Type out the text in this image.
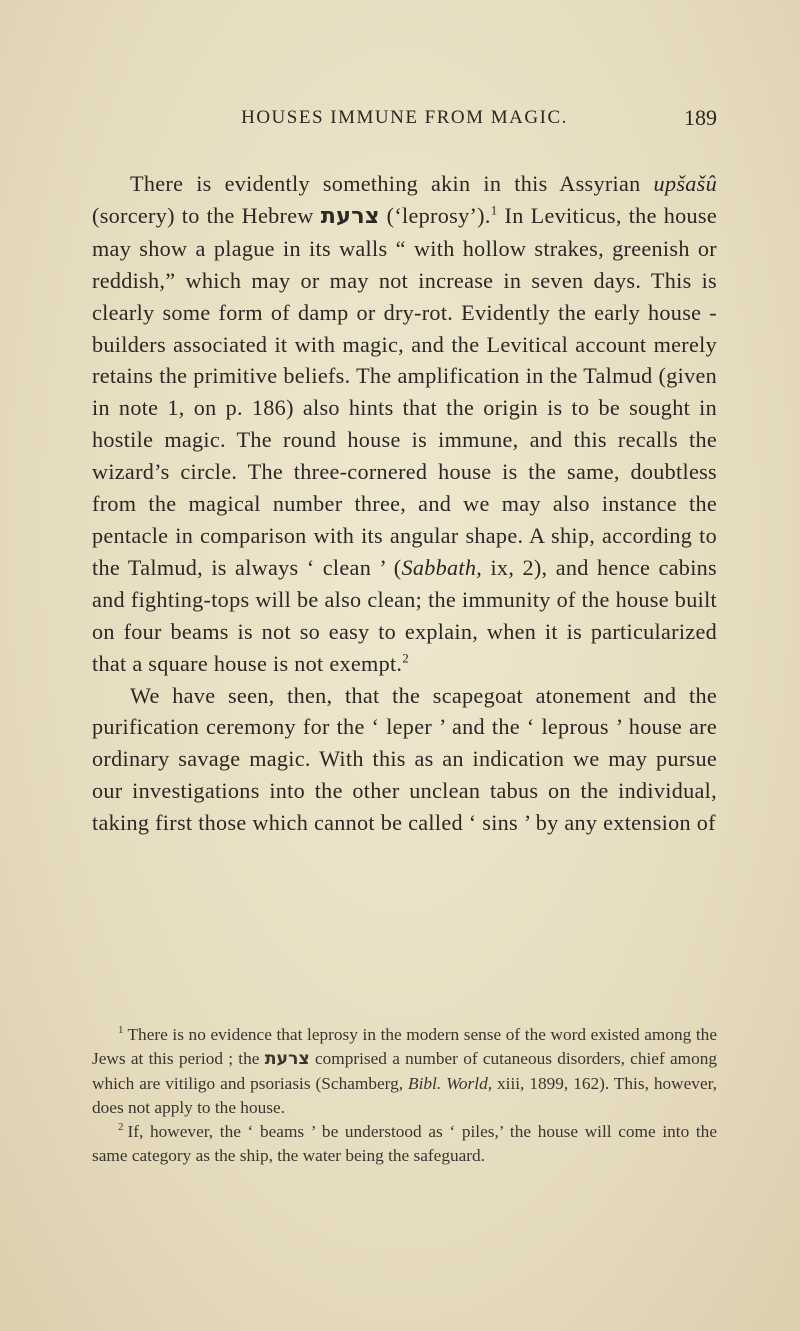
HOUSES IMMUNE FROM MAGIC.	189

There is evidently something akin in this Assyrian upšašû (sorcery) to the Hebrew צרעת (‘leprosy’).$^1$ In Leviticus, the house may show a plague in its walls “ with hollow strakes, greenish or reddish,” which may or may not increase in seven days. This is clearly some form of damp or dry-rot. Evidently the early house - builders associated it with magic, and the Levitical account merely retains the primitive beliefs. The amplification in the Talmud (given in note 1, on p. 186) also hints that the origin is to be sought in hostile magic. The round house is immune, and this recalls the wizard’s circle. The three-cornered house is the same, doubtless from the magical number three, and we may also instance the pentacle in comparison with its angular shape. A ship, according to the Talmud, is always ‘ clean ’ (Sabbath, ix, 2), and hence cabins and fighting-tops will be also clean; the immunity of the house built on four beams is not so easy to explain, when it is particularized that a square house is not exempt.$^2$

We have seen, then, that the scapegoat atonement and the purification ceremony for the ‘ leper ’ and the ‘ leprous ’ house are ordinary savage magic. With this as an indication we may pursue our investigations into the other unclean tabus on the individual, taking first those which cannot be called ‘ sins ’ by any extension of

$^1$ There is no evidence that leprosy in the modern sense of the word existed among the Jews at this period ; the צרעת comprised a number of cutaneous disorders, chief among which are vitiligo and psoriasis (Schamberg, Bibl. World, xiii, 1899, 162). This, however, does not apply to the house.

$^2$ If, however, the ‘ beams ’ be understood as ‘ piles,’ the house will come into the same category as the ship, the water being the safeguard.
